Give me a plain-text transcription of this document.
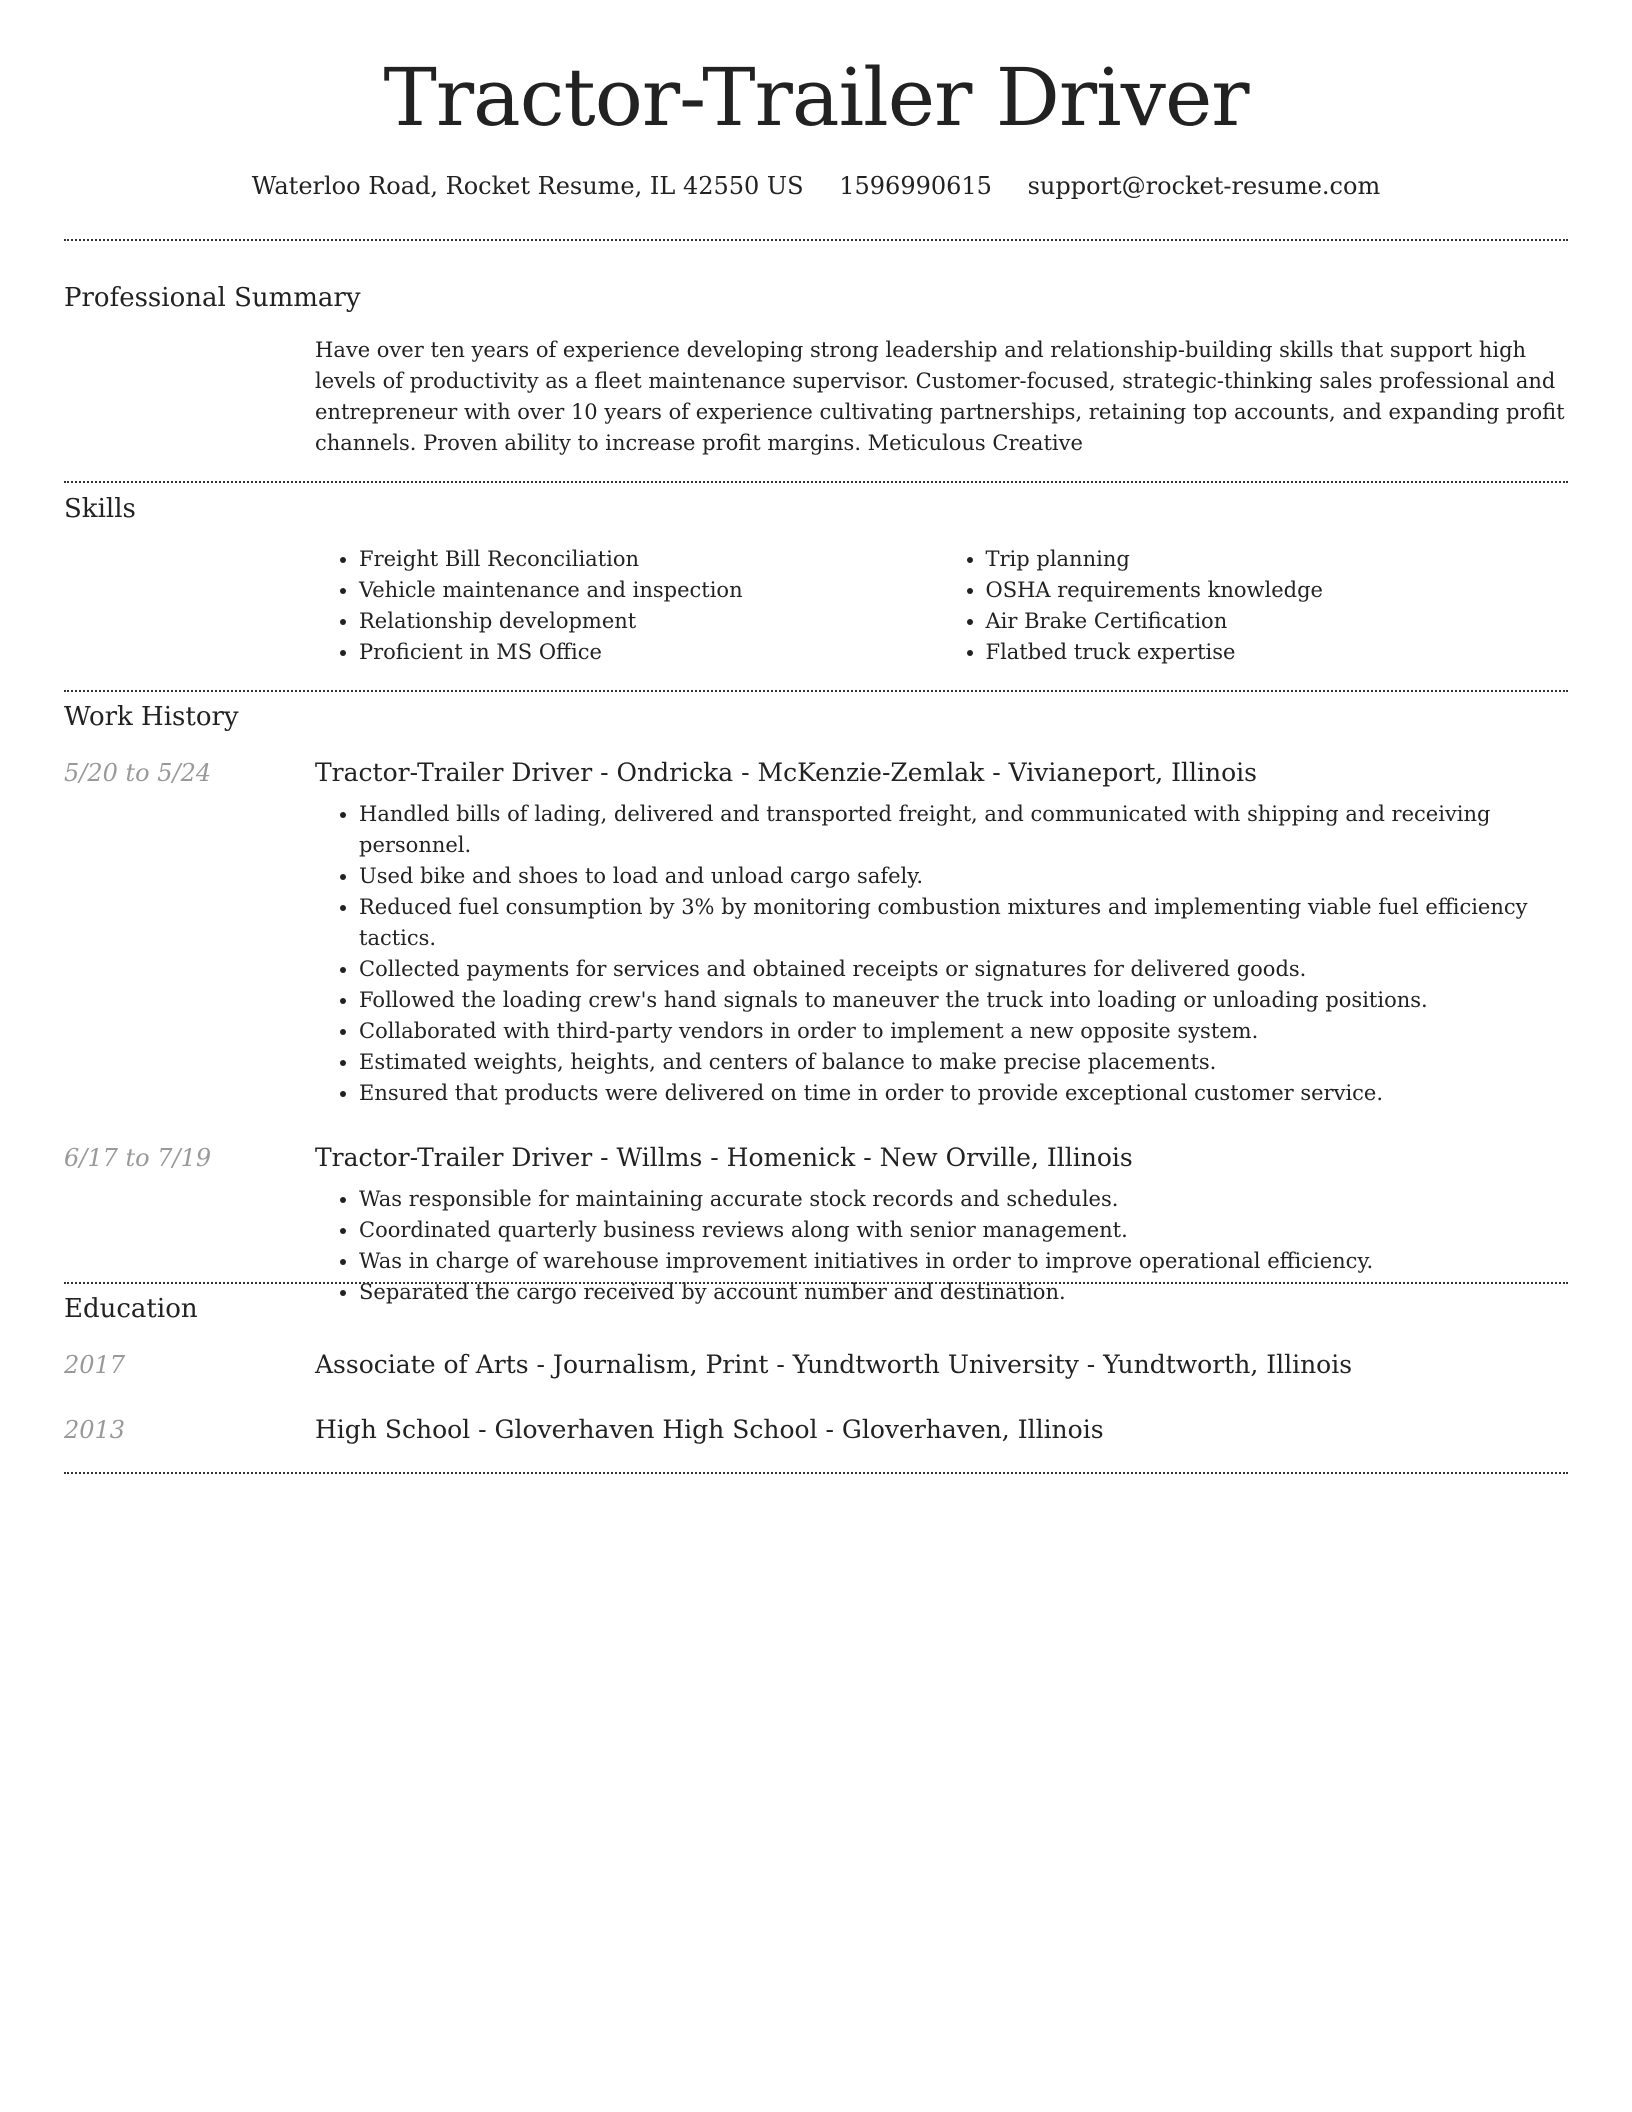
Tractor-Trailer Driver
Waterloo Road, Rocket Resume, IL 42550 US 1596990615 support@rocket-resume.com
Professional Summary

Have over ten years of experience developing strong leadership and relationship-building skills that support high levels of productivity as a fleet maintenance supervisor. Customer-focused, strategic-thinking sales professional and entrepreneur with over 10 years of experience cultivating partnerships, retaining top accounts, and expanding profit channels. Proven ability to increase profit margins. Meticulous Creative

Skills
• Freight Bill Reconciliation
• Vehicle maintenance and inspection
• Relationship development
• Proficient in MS Office
• Trip planning
• OSHA requirements knowledge
• Air Brake Certification
• Flatbed truck expertise
Work History
5/20 to 5/24	Tractor-Trailer Driver - Ondricka - McKenzie-Zemlak - Vivianeport, Illinois
• Handled bills of lading, delivered and transported freight, and communicated with shipping and receiving personnel.
• Used bike and shoes to load and unload cargo safely.
• Reduced fuel consumption by 3% by monitoring combustion mixtures and implementing viable fuel efficiency tactics.
• Collected payments for services and obtained receipts or signatures for delivered goods.
• Followed the loading crew's hand signals to maneuver the truck into loading or unloading positions.
• Collaborated with third-party vendors in order to implement a new opposite system.
• Estimated weights, heights, and centers of balance to make precise placements.
• Ensured that products were delivered on time in order to provide exceptional customer service.
6/17 to 7/19	Tractor-Trailer Driver - Willms - Homenick - New Orville, Illinois
• Was responsible for maintaining accurate stock records and schedules.
• Coordinated quarterly business reviews along with senior management.
• Was in charge of warehouse improvement initiatives in order to improve operational efficiency.
• Separated the cargo received by account number and destination.
Education
2017	Associate of Arts - Journalism, Print - Yundtworth University - Yundtworth, Illinois
2013	High School - Gloverhaven High School - Gloverhaven, Illinois
